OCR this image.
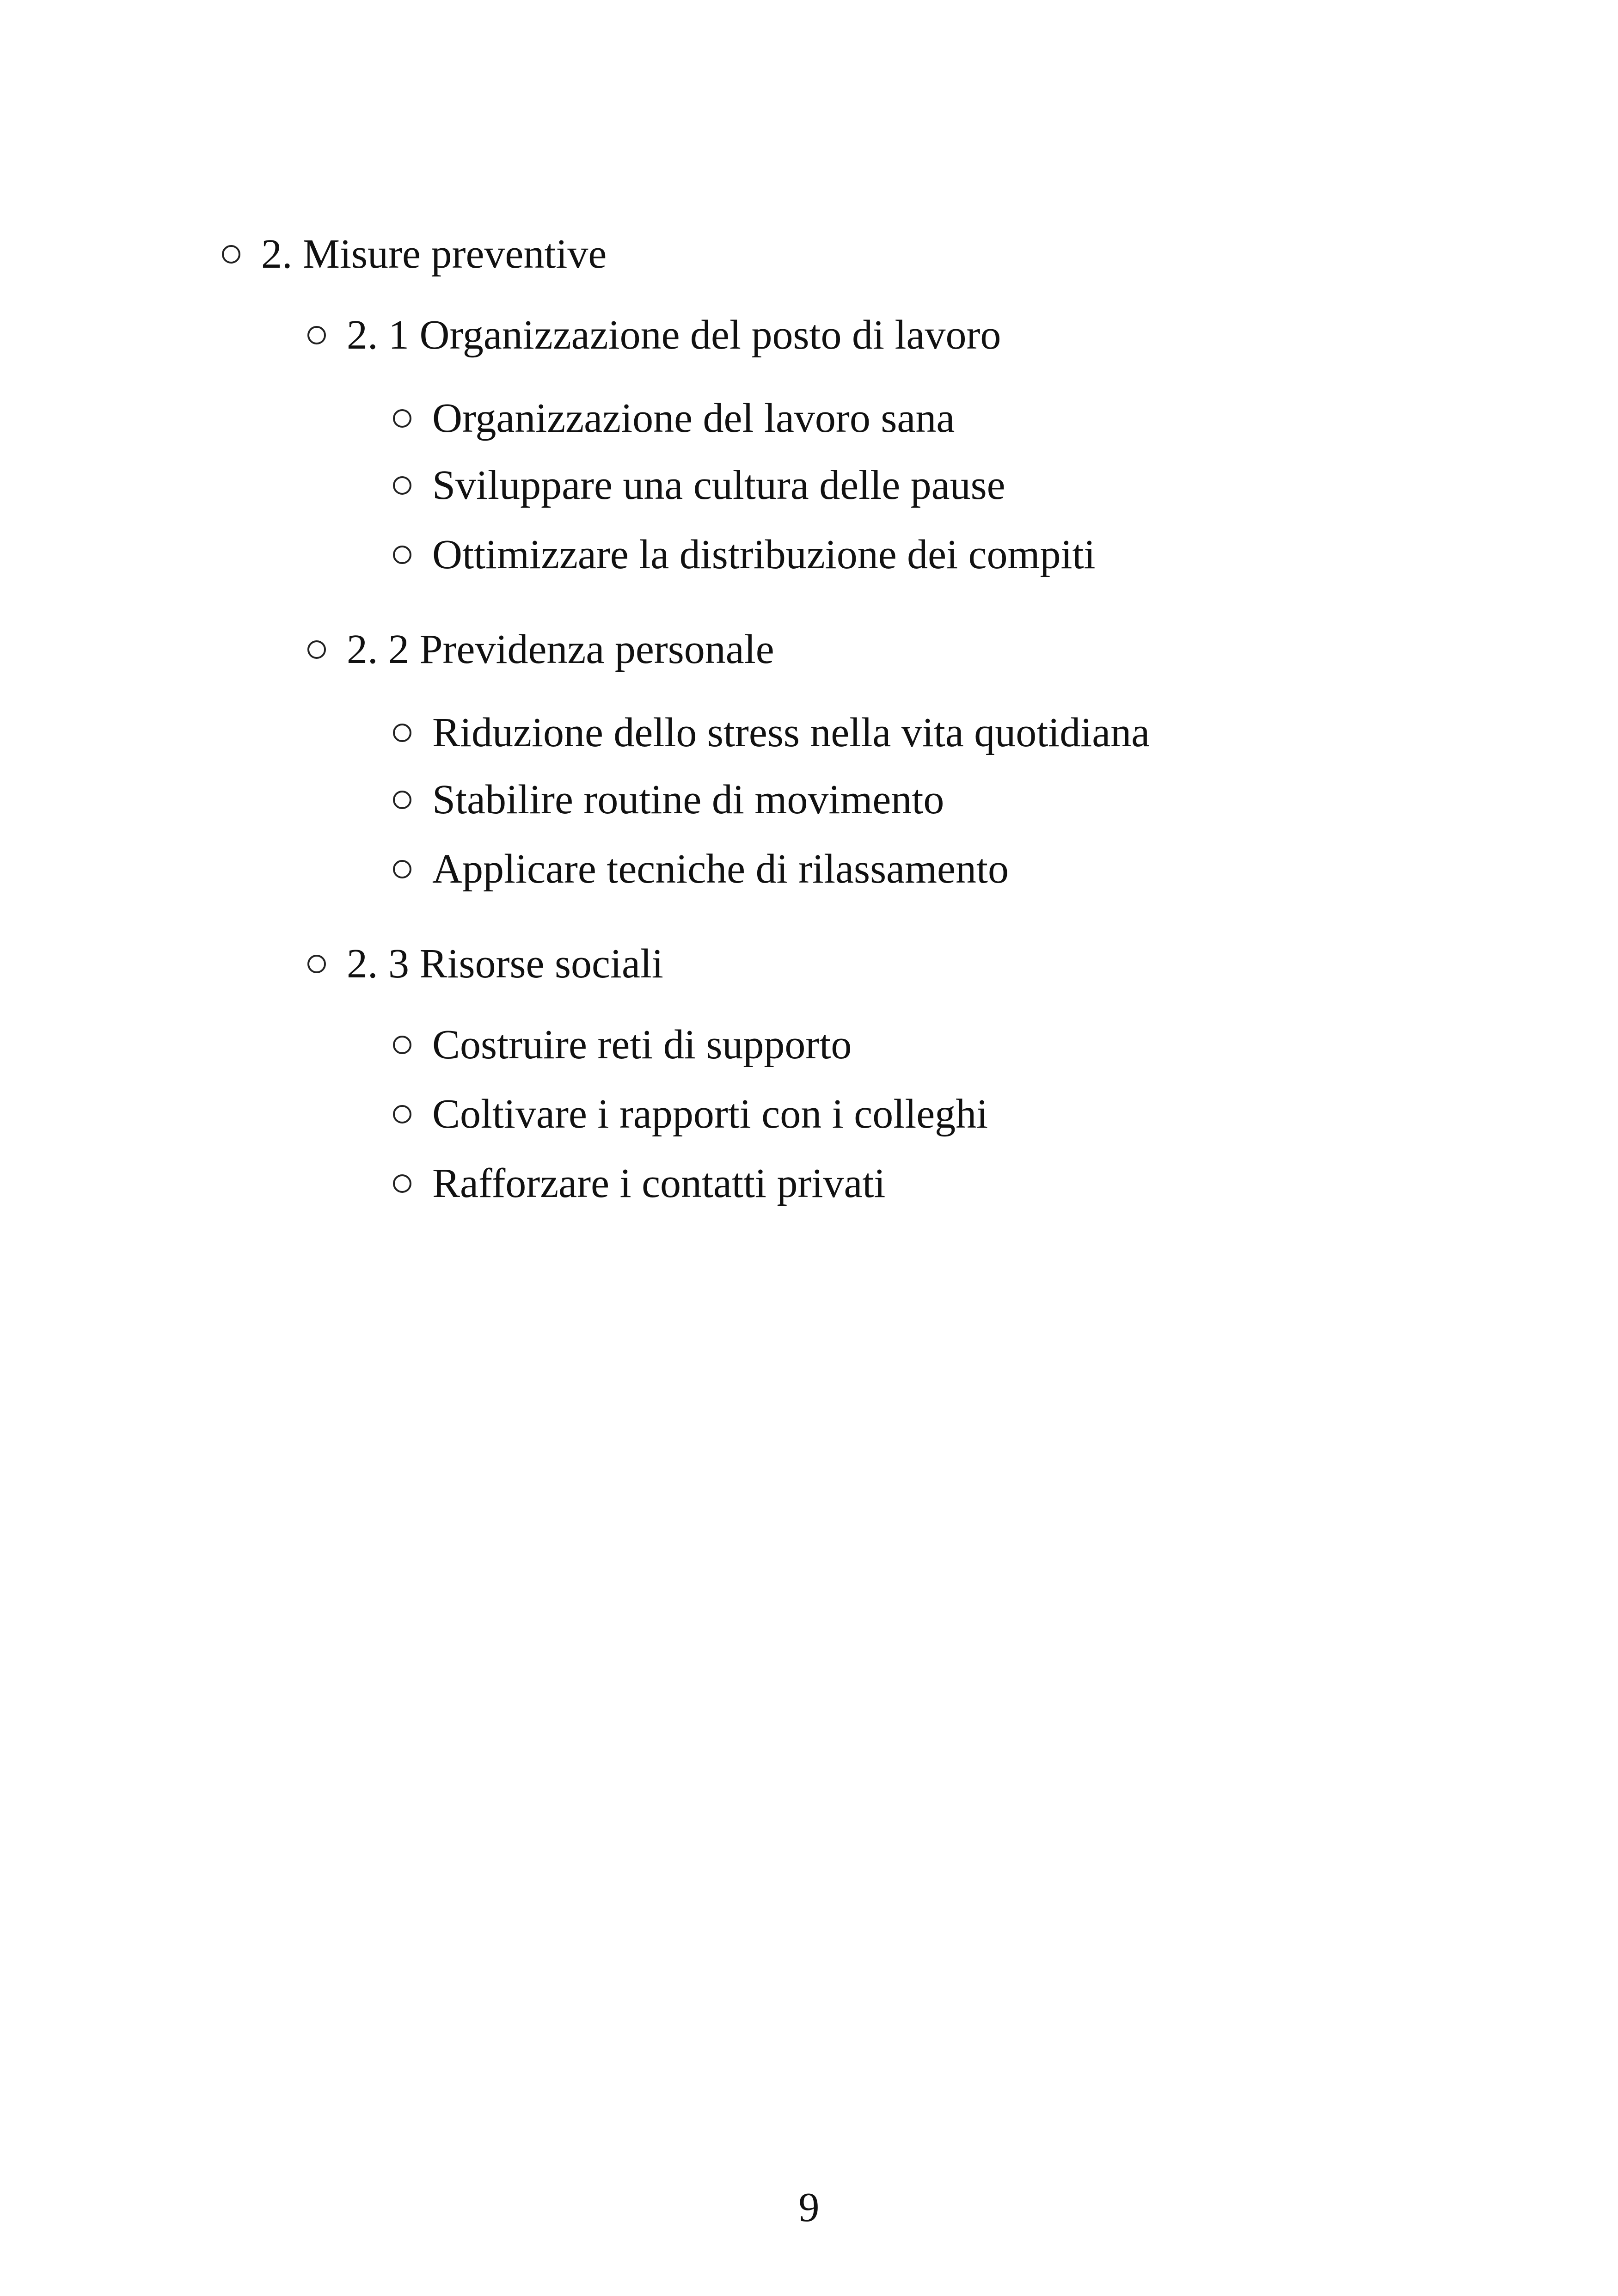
2. Misure preventive
2. 1 Organizzazione del posto di lavoro
Organizzazione del lavoro sana
Sviluppare una cultura delle pause
Ottimizzare la distribuzione dei compiti
2. 2 Previdenza personale
Riduzione dello stress nella vita quotidiana
Stabilire routine di movimento
Applicare tecniche di rilassamento
2. 3 Risorse sociali
Costruire reti di supporto
Coltivare i rapporti con i colleghi
Rafforzare i contatti privati
9
